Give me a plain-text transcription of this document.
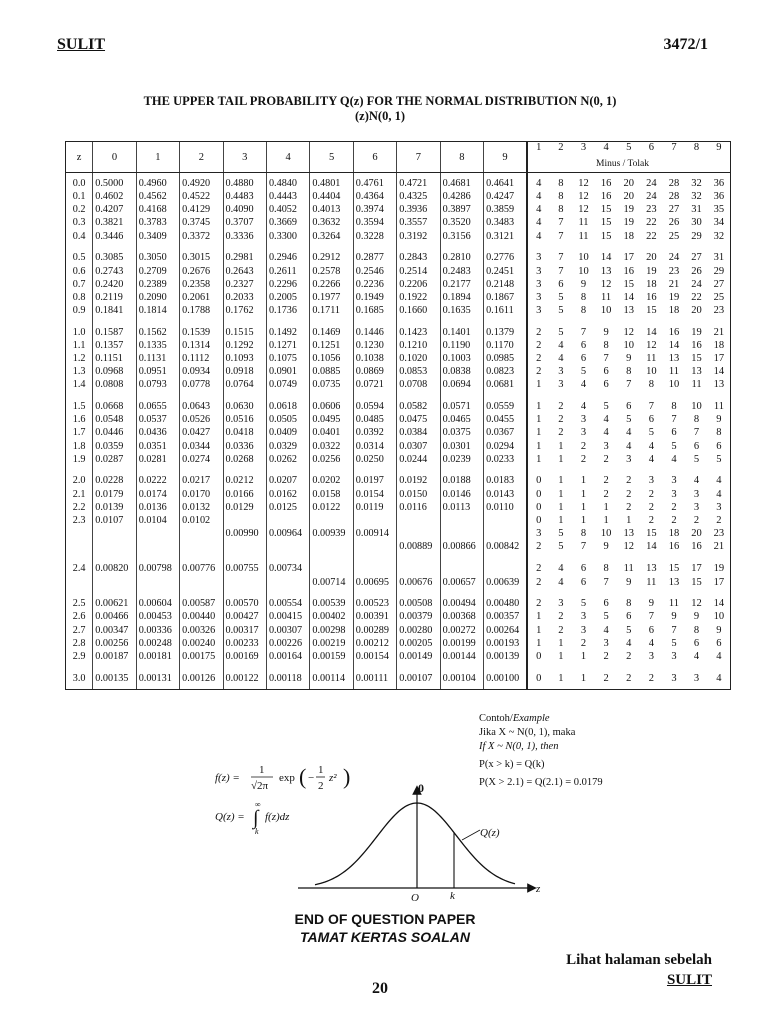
SULIT	3472/1
THE UPPER TAIL PROBABILITY Q(z) FOR THE NORMAL DISTRIBUTION N(0, 1)
(z)N(0, 1)
z	0	1	2	3	4	5	6	7	8	9	1	2	3	4	5	6	7	8	9
0.0	0.5000	0.4960	0.4920	0.4880	0.4840	0.4801	0.4761	0.4721	0.4681	0.4641	4	8	12	16	20	24	28	32	36
0.1	0.4602	0.4562	0.4522	0.4483	0.4443	0.4404	0.4364	0.4325	0.4286	0.4247	4	8	12	16	20	24	28	32	36
0.2	0.4207	0.4168	0.4129	0.4090	0.4052	0.4013	0.3974	0.3936	0.3897	0.3859	4	8	12	15	19	23	27	31	35
0.3	0.3821	0.3783	0.3745	0.3707	0.3669	0.3632	0.3594	0.3557	0.3520	0.3483	4	7	11	15	19	22	26	30	34
0.4	0.3446	0.3409	0.3372	0.3336	0.3300	0.3264	0.3228	0.3192	0.3156	0.3121	4	7	11	15	18	22	25	29	32
0.5	0.3085	0.3050	0.3015	0.2981	0.2946	0.2912	0.2877	0.2843	0.2810	0.2776	3	7	10	14	17	20	24	27	31
0.6	0.2743	0.2709	0.2676	0.2643	0.2611	0.2578	0.2546	0.2514	0.2483	0.2451	3	7	10	13	16	19	23	26	29
0.7	0.2420	0.2389	0.2358	0.2327	0.2296	0.2266	0.2236	0.2206	0.2177	0.2148	3	6	9	12	15	18	21	24	27
0.8	0.2119	0.2090	0.2061	0.2033	0.2005	0.1977	0.1949	0.1922	0.1894	0.1867	3	5	8	11	14	16	19	22	25
0.9	0.1841	0.1814	0.1788	0.1762	0.1736	0.1711	0.1685	0.1660	0.1635	0.1611	3	5	8	10	13	15	18	20	23
1.0	0.1587	0.1562	0.1539	0.1515	0.1492	0.1469	0.1446	0.1423	0.1401	0.1379	2	5	7	9	12	14	16	19	21
1.1	0.1357	0.1335	0.1314	0.1292	0.1271	0.1251	0.1230	0.1210	0.1190	0.1170	2	4	6	8	10	12	14	16	18
1.2	0.1151	0.1131	0.1112	0.1093	0.1075	0.1056	0.1038	0.1020	0.1003	0.0985	2	4	6	7	9	11	13	15	17
1.3	0.0968	0.0951	0.0934	0.0918	0.0901	0.0885	0.0869	0.0853	0.0838	0.0823	2	3	5	6	8	10	11	13	14
1.4	0.0808	0.0793	0.0778	0.0764	0.0749	0.0735	0.0721	0.0708	0.0694	0.0681	1	3	4	6	7	8	10	11	13
1.5	0.0668	0.0655	0.0643	0.0630	0.0618	0.0606	0.0594	0.0582	0.0571	0.0559	1	2	4	5	6	7	8	10	11
1.6	0.0548	0.0537	0.0526	0.0516	0.0505	0.0495	0.0485	0.0475	0.0465	0.0455	1	2	3	4	5	6	7	8	9
1.7	0.0446	0.0436	0.0427	0.0418	0.0409	0.0401	0.0392	0.0384	0.0375	0.0367	1	2	3	4	4	5	6	7	8
1.8	0.0359	0.0351	0.0344	0.0336	0.0329	0.0322	0.0314	0.0307	0.0301	0.0294	1	1	2	3	4	4	5	6	6
1.9	0.0287	0.0281	0.0274	0.0268	0.0262	0.0256	0.0250	0.0244	0.0239	0.0233	1	1	2	2	3	4	4	5	5
2.0	0.0228	0.0222	0.0217	0.0212	0.0207	0.0202	0.0197	0.0192	0.0188	0.0183	0	1	1	2	2	3	3	4	4
2.1	0.0179	0.0174	0.0170	0.0166	0.0162	0.0158	0.0154	0.0150	0.0146	0.0143	0	1	1	2	2	2	3	3	4
2.2	0.0139	0.0136	0.0132	0.0129	0.0125	0.0122	0.0119	0.0116	0.0113	0.0110	0	1	1	1	2	2	2	3	3
2.3	0.0107	0.0104	0.0102								0	1	1	1	1	2	2	2	2
				0.00990	0.00964	0.00939	0.00914				3	5	8	10	13	15	18	20	23
								0.00889	0.00866	0.00842	2	5	7	9	12	14	16	16	21
2.4	0.00820	0.00798	0.00776	0.00755	0.00734						2	4	6	8	11	13	15	17	19
						0.00714	0.00695	0.00676	0.00657	0.00639	2	4	6	7	9	11	13	15	17
2.5	0.00621	0.00604	0.00587	0.00570	0.00554	0.00539	0.00523	0.00508	0.00494	0.00480	2	3	5	6	8	9	11	12	14
2.6	0.00466	0.00453	0.00440	0.00427	0.00415	0.00402	0.00391	0.00379	0.00368	0.00357	1	2	3	5	6	7	9	9	10
2.7	0.00347	0.00336	0.00326	0.00317	0.00307	0.00298	0.00289	0.00280	0.00272	0.00264	1	2	3	4	5	6	7	8	9
2.8	0.00256	0.00248	0.00240	0.00233	0.00226	0.00219	0.00212	0.00205	0.00199	0.00193	1	1	2	3	4	4	5	6	6
2.9	0.00187	0.00181	0.00175	0.00169	0.00164	0.00159	0.00154	0.00149	0.00144	0.00139	0	1	1	2	2	3	3	4	4
3.0	0.00135	0.00131	0.00126	0.00122	0.00118	0.00114	0.00111	0.00107	0.00104	0.00100	0	1	1	2	2	2	3	3	4
f(z) =
1
√2π
exp ( −
1
2
z² )
Q(z) =
∞
∫
k
f(z)dz
Contoh/Example
Jika X ~ N(0, 1), maka
If X ~ N(0, 1), then
P(x > k) = Q(k)
P(X > 2.1) = Q(2.1) = 0.0179
0
Q(z)
O	k
z
END OF QUESTION PAPER
TAMAT KERTAS SOALAN
Lihat halaman sebelah
SULIT
20
Minus / Tolak
